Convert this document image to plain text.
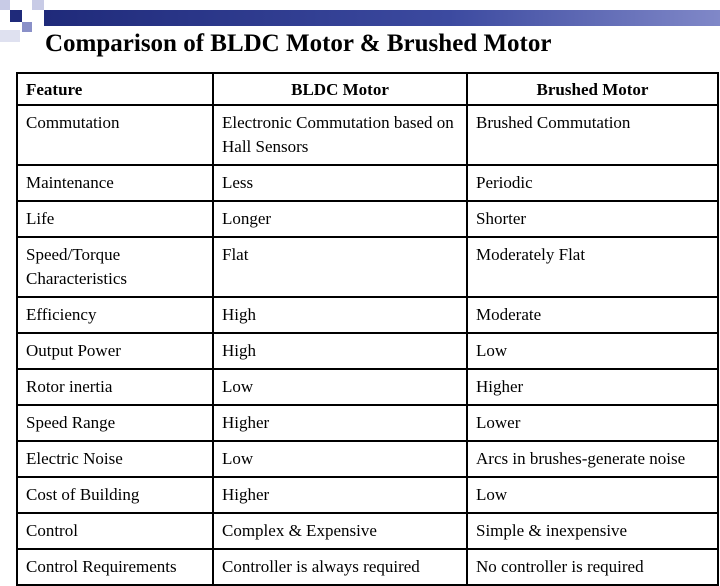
Comparison of BLDC Motor & Brushed Motor
Feature	BLDC Motor	Brushed Motor
Commutation	Electronic Commutation based on Hall Sensors	Brushed Commutation
Maintenance	Less	Periodic
Life	Longer	Shorter
Speed/Torque Characteristics	Flat	Moderately Flat
Efficiency	High	Moderate
Output Power	High	Low
Rotor inertia	Low	Higher
Speed Range	Higher	Lower
Electric Noise	Low	Arcs in brushes-generate noise
Cost of Building	Higher	Low
Control	Complex & Expensive	Simple & inexpensive
Control Requirements	Controller is always required	No controller is required
